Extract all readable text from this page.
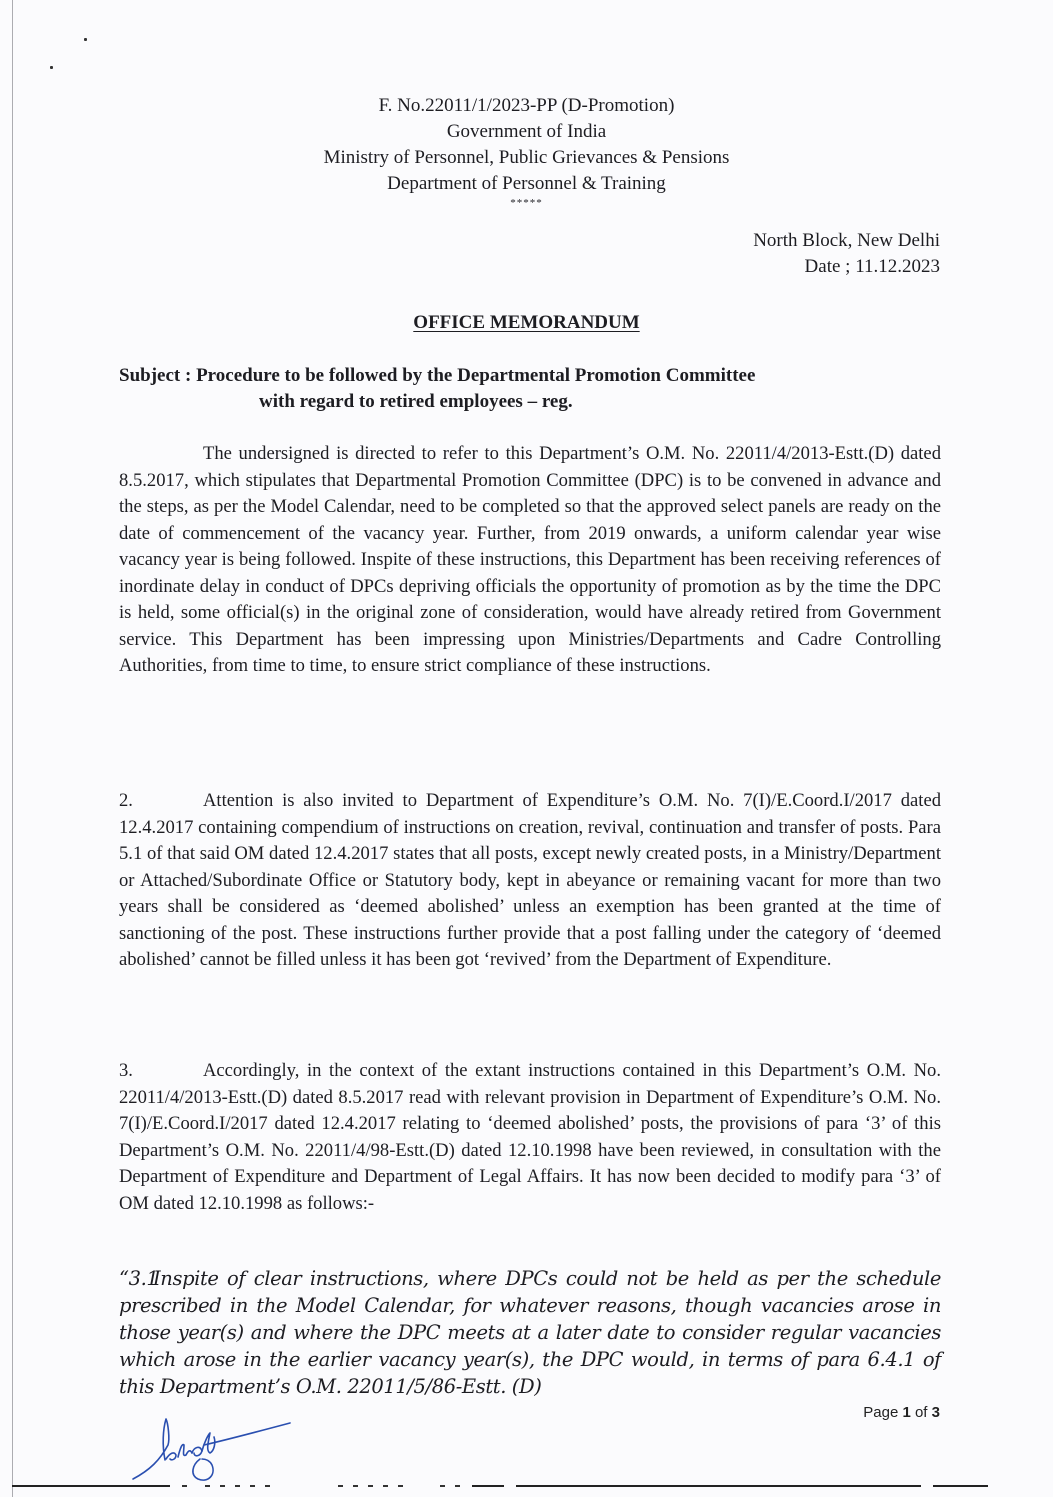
F. No.22011/1/2023-PP (D-Promotion)
Government of India
Ministry of Personnel, Public Grievances & Pensions
Department of Personnel & Training
*****
North Block, New Delhi
Date ; 11.12.2023
OFFICE MEMORANDUM
Subject : Procedure to be followed by the Departmental Promotion Committee
with regard to retired employees – reg.
The undersigned is directed to refer to this Department’s O.M. No. 22011/4/2013-Estt.(D) dated 8.5.2017, which stipulates that Departmental Promotion Committee (DPC) is to be convened in advance and the steps, as per the Model Calendar, need to be completed so that the approved select panels are ready on the date of commencement of the vacancy year. Further, from 2019 onwards, a uniform calendar year wise vacancy year is being followed. Inspite of these instructions, this Department has been receiving references of inordinate delay in conduct of DPCs depriving officials the opportunity of promotion as by the time the DPC is held, some official(s) in the original zone of consideration, would have already retired from Government service. This Department has been impressing upon Ministries/Departments and Cadre Controlling Authorities, from time to time, to ensure strict compliance of these instructions.
2.	Attention is also invited to Department of Expenditure’s O.M. No. 7(I)/E.Coord.I/2017 dated 12.4.2017 containing compendium of instructions on creation, revival, continuation and transfer of posts. Para 5.1 of that said OM dated 12.4.2017 states that all posts, except newly created posts, in a Ministry/Department or Attached/Subordinate Office or Statutory body, kept in abeyance or remaining vacant for more than two years shall be considered as ‘deemed abolished’ unless an exemption has been granted at the time of sanctioning of the post. These instructions further provide that a post falling under the category of ‘deemed abolished’ cannot be filled unless it has been got ‘revived’ from the Department of Expenditure.
3.	Accordingly, in the context of the extant instructions contained in this Department’s O.M. No. 22011/4/2013-Estt.(D) dated 8.5.2017 read with relevant provision in Department of Expenditure’s O.M. No. 7(I)/E.Coord.I/2017 dated 12.4.2017 relating to ‘deemed abolished’ posts, the provisions of para ‘3’ of this Department’s O.M. No. 22011/4/98-Estt.(D) dated 12.10.1998 have been reviewed, in consultation with the Department of Expenditure and Department of Legal Affairs. It has now been decided to modify para ‘3’ of OM dated 12.10.1998 as follows:-
“3.1Inspite of clear instructions, where DPCs could not be held as per the schedule prescribed in the Model Calendar, for whatever reasons, though vacancies arose in those year(s) and where the DPC meets at a later date to consider regular vacancies which arose in the earlier vacancy year(s), the DPC would, in terms of para 6.4.1 of this Department’s O.M. 22011/5/86-Estt. (D)
Page 1 of 3
